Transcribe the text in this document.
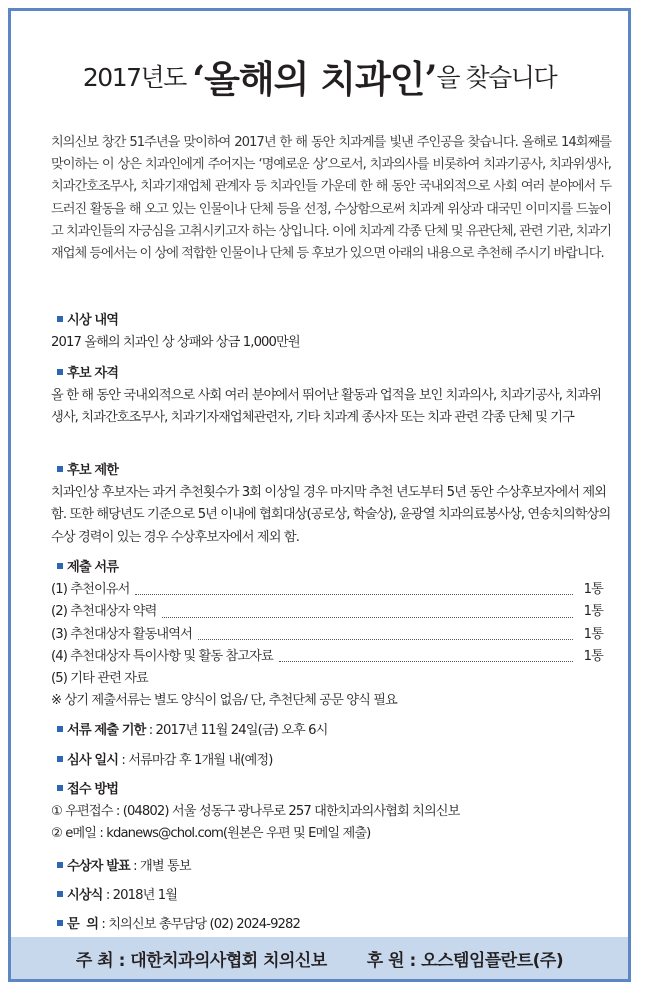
2017년도 ‘올해의 치과인’을 찾습니다
치의신보 창간 51주년을 맞이하여 2017년 한 해 동안 치과계를 빛낸 주인공을 찾습니다. 올해로 14회째를 맞이하는 이 상은 치과인에게 주어지는 ‘명예로운 상’으로서, 치과의사를 비롯하여 치과기공사, 치과위생사, 치과간호조무사, 치과기재업체 관계자 등 치과인들 가운데 한 해 동안 국내외적으로 사회 여러 분야에서 두드러진 활동을 해 오고 있는 인물이나 단체 등을 선정, 수상함으로써 치과계 위상과 대국민 이미지를 드높이고 치과인들의 자긍심을 고취시키고자 하는 상입니다. 이에 치과계 각종 단체 및 유관단체, 관련 기관, 치과기재업체 등에서는 이 상에 적합한 인물이나 단체 등 후보가 있으면 아래의 내용으로 추천해 주시기 바랍니다.
시상 내역
2017 올해의 치과인 상 상패와 상금 1,000만원
후보 자격
올 한 해 동안 국내외적으로 사회 여러 분야에서 뛰어난 활동과 업적을 보인 치과의사, 치과기공사, 치과위생사, 치과간호조무사, 치과기자재업체관련자, 기타 치과계 종사자 또는 치과 관련 각종 단체 및 기구
후보 제한
치과인상 후보자는 과거 추천횟수가 3회 이상일 경우 마지막 추천 년도부터 5년 동안 수상후보자에서 제외함. 또한 해당년도 기준으로 5년 이내에 협회대상(공로상, 학술상), 윤광열 치과의료봉사상, 연송치의학상의 수상 경력이 있는 경우 수상후보자에서 제외 함.
제출 서류
(1) 추천이유서	1통
(2) 추천대상자 약력	1통
(3) 추천대상자 활동내역서	1통
(4) 추천대상자 특이사항 및 활동 참고자료	1통
(5) 기타 관련 자료
※ 상기 제출서류는 별도 양식이 없음/ 단, 추천단체 공문 양식 필요
서류 제출 기한 : 2017년 11월 24일(금) 오후 6시
심사 일시 : 서류마감 후 1개월 내(예정)
접수 방법
① 우편접수 : (04802) 서울 성동구 광나루로 257 대한치과의사협회 치의신보
② e메일 : kdanews@chol.com(원본은 우편 및 E메일 제출)
수상자 발표 : 개별 통보
시상식 : 2018년 1월
문  의 : 치의신보 총무담당 (02) 2024-9282
주 최 : 대한치과의사협회 치의신보 후 원 : 오스템임플란트(주)
